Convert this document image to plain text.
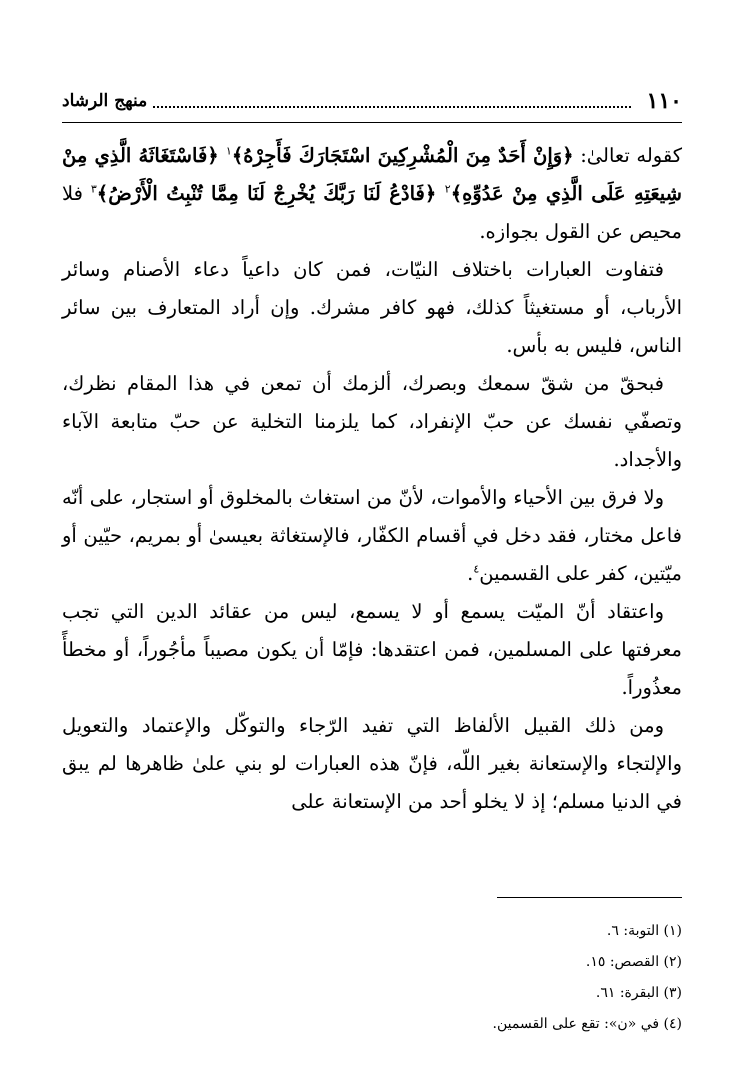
١١٠
منهج الرشاد

كقوله تعالىٰ: ﴿وَإِنْ أَحَدٌ مِنَ الْمُشْرِكِينَ اسْتَجَارَكَ فَأَجِرْهُ﴾$^١$ ﴿فَاسْتَغَاثَهُ الَّذِي مِنْ شِيعَتِهِ عَلَى الَّذِي مِنْ عَدُوِّهِ﴾$^٢$ ﴿فَادْعُ لَنَا رَبَّكَ يُخْرِجْ لَنَا مِمَّا تُنْبِتُ الْأَرْضُ﴾$^٣$ فلا محيص عن القول بجوازه.

فتفاوت العبارات باختلاف النيّات، فمن كان داعياً دعاء الأصنام وسائر الأرباب، أو مستغيثاً كذلك، فهو كافر مشرك. وإن أراد المتعارف بين سائر الناس، فليس به بأس.

فبحقّ من شقّ سمعك وبصرك، ألزمك أن تمعن في هذا المقام نظرك، وتصفّي نفسك عن حبّ الإنفراد، كما يلزمنا التخلية عن حبّ متابعة الآباء والأجداد.

ولا فرق بين الأحياء والأموات، لأنّ من استغاث بالمخلوق أو استجار، على أنّه فاعل مختار، فقد دخل في أقسام الكفّار، فالإستغاثة بعيسىٰ أو بمريم، حيّين أو ميّتين، كفر على القسمين$^٤$.

واعتقاد أنّ الميّت يسمع أو لا يسمع، ليس من عقائد الدين التي تجب معرفتها على المسلمين، فمن اعتقدها: فإمّا أن يكون مصيباً مأجُوراً، أو مخطأً معذُوراً.

ومن ذلك القبيل الألفاظ التي تفيد الرّجاء والتوكّل والإعتماد والتعويل والإلتجاء والإستعانة بغير اللّه، فإنّ هذه العبارات لو بني علىٰ ظاهرها لم يبق في الدنيا مسلم؛ إذ لا يخلو أحد من الإستعانة على

(١) التوبة: ٦.
(٢) القصص: ١٥.
(٣) البقرة: ٦١.
(٤) في «ن»: تقع على القسمين.
